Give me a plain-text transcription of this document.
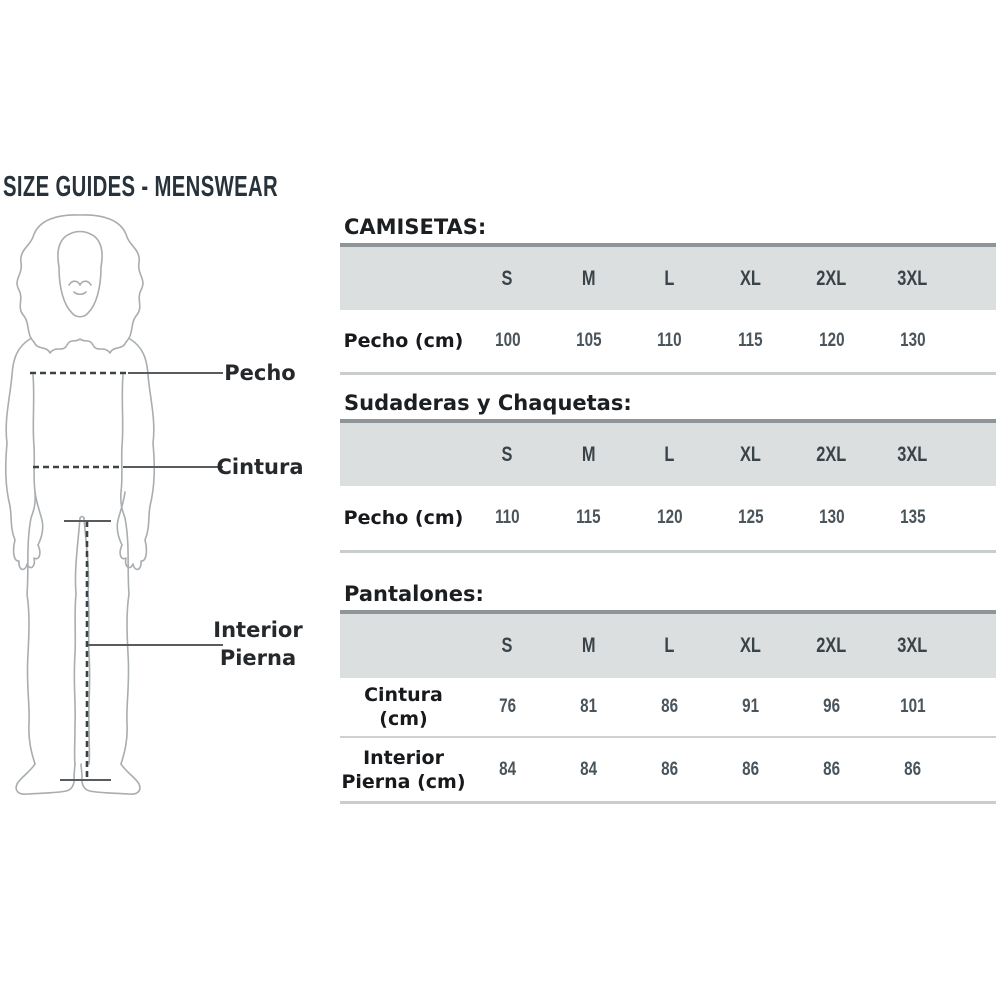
SIZE GUIDES - MENSWEAR
Pecho
Cintura
Interior
Pierna
CAMISETAS:
	S	M	L	XL	2XL	3XL	
Pecho (cm)	100	105	110	115	120	130	
Sudaderas y Chaquetas:
	S	M	L	XL	2XL	3XL	
Pecho (cm)	110	115	120	125	130	135	
Pantalones:
	S	M	L	XL	2XL	3XL	
Cintura (cm)	76	81	86	91	96	101	
Interior
Pierna (cm)	84	84	86	86	86	86	
